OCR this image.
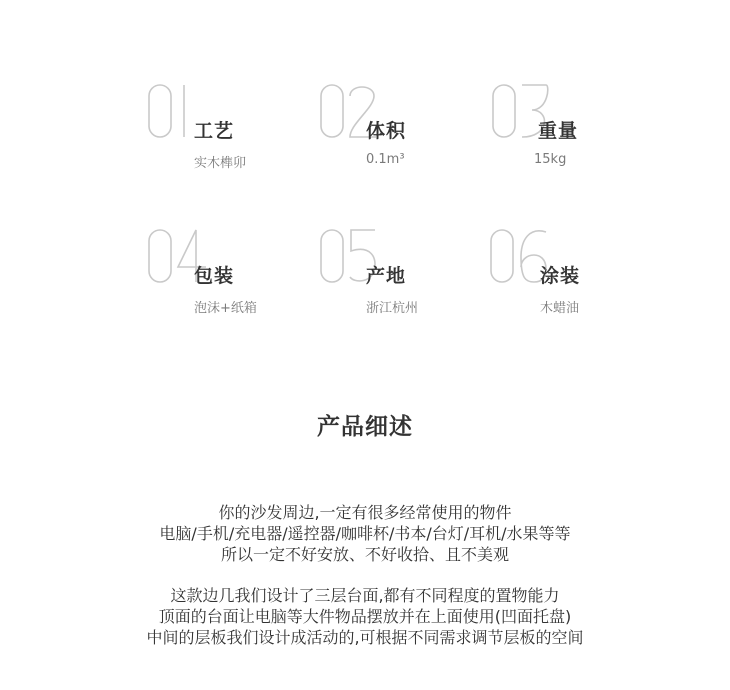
工艺
实木榫卯
体积
0.1m³
重量
15kg
包装
泡沫+纸箱
产地
浙江杭州
涂装
木蜡油
产品细述
你的沙发周边,一定有很多经常使用的物件
电脑/手机/充电器/遥控器/咖啡杯/书本/台灯/耳机/水果等等
所以一定不好安放、不好收拾、且不美观
这款边几我们设计了三层台面,都有不同程度的置物能力
顶面的台面让电脑等大件物品摆放并在上面使用(凹面托盘)
中间的层板我们设计成活动的,可根据不同需求调节层板的空间
